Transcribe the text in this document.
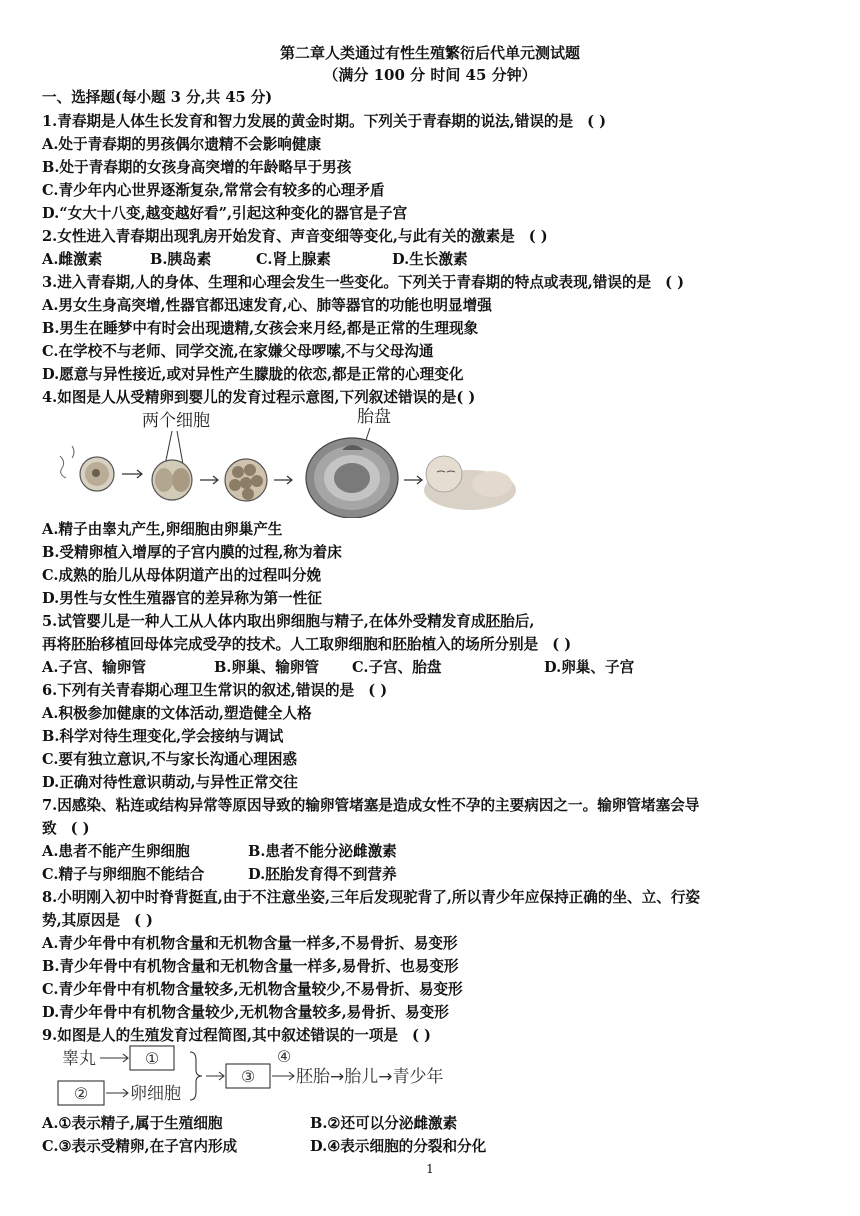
第二章人类通过有性生殖繁衍后代单元测试题
（满分 100 分 时间 45 分钟）
一、选择题(每小题 3 分,共 45 分)
1.青春期是人体生长发育和智力发展的黄金时期。下列关于青春期的说法,错误的是 ( )
A.处于青春期的男孩偶尔遗精不会影响健康
B.处于青春期的女孩身高突增的年龄略早于男孩
C.青少年内心世界逐渐复杂,常常会有较多的心理矛盾
D.“女大十八变,越变越好看”,引起这种变化的器官是子宫
2.女性进入青春期出现乳房开始发育、声音变细等变化,与此有关的激素是 ( )
A.雌激素	B.胰岛素	C.肾上腺素	D.生长激素
3.进入青春期,人的身体、生理和心理会发生一些变化。下列关于青春期的特点或表现,错误的是 ( )
A.男女生身高突增,性器官都迅速发育,心、肺等器官的功能也明显增强
B.男生在睡梦中有时会出现遗精,女孩会来月经,都是正常的生理现象
C.在学校不与老师、同学交流,在家嫌父母啰嗦,不与父母沟通
D.愿意与异性接近,或对异性产生朦胧的依恋,都是正常的心理变化
4.如图是人从受精卵到婴儿的发育过程示意图,下列叙述错误的是( )
两个细胞	胎盘
A.精子由睾丸产生,卵细胞由卵巢产生
B.受精卵植入增厚的子宫内膜的过程,称为着床
C.成熟的胎儿从母体阴道产出的过程叫分娩
D.男性与女性生殖器官的差异称为第一性征
5.试管婴儿是一种人工从人体内取出卵细胞与精子,在体外受精发育成胚胎后,
再将胚胎移植回母体完成受孕的技术。人工取卵细胞和胚胎植入的场所分别是 ( )
A.子宫、输卵管	B.卵巢、输卵管 C.子宫、胎盘	D.卵巢、子宫
6.下列有关青春期心理卫生常识的叙述,错误的是 ( )
A.积极参加健康的文体活动,塑造健全人格
B.科学对待生理变化,学会接纳与调试
C.要有独立意识,不与家长沟通心理困惑
D.正确对待性意识萌动,与异性正常交往
7.因感染、粘连或结构异常等原因导致的输卵管堵塞是造成女性不孕的主要病因之一。输卵管堵塞会导
致 ( )
A.患者不能产生卵细胞	B.患者不能分泌雌激素
C.精子与卵细胞不能结合	D.胚胎发育得不到营养
8.小明刚入初中时脊背挺直,由于不注意坐姿,三年后发现驼背了,所以青少年应保持正确的坐、立、行姿
势,其原因是 ( )
A.青少年骨中有机物含量和无机物含量一样多,不易骨折、易变形
B.青少年骨中有机物含量和无机物含量一样多,易骨折、也易变形
C.青少年骨中有机物含量较多,无机物含量较少,不易骨折、易变形
D.青少年骨中有机物含量较少,无机物含量较多,易骨折、易变形
9.如图是人的生殖发育过程简图,其中叙述错误的一项是 ( )
睾丸	①
② 卵细胞
③
④
胚胎→胎儿→青少年
A.①表示精子,属于生殖细胞	B.②还可以分泌雌激素
C.③表示受精卵,在子宫内形成	D.④表示细胞的分裂和分化
1
